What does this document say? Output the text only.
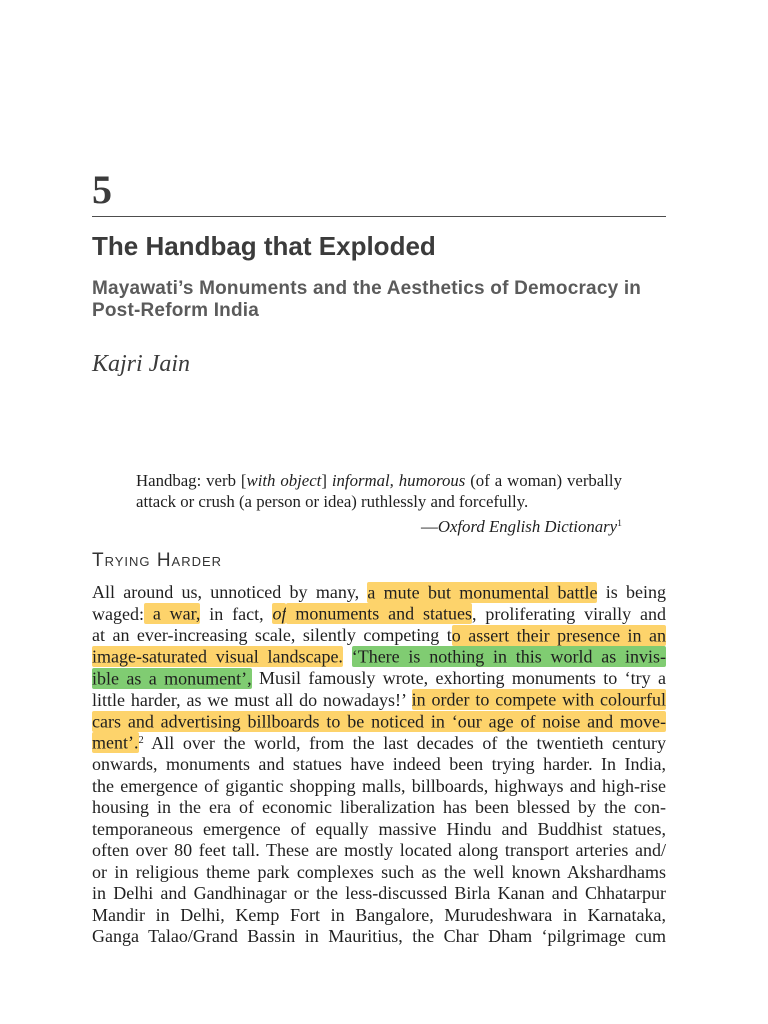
5
The Handbag that Exploded
Mayawati’s Monuments and the Aesthetics of Democracy in
Post-Reform India
Kajri Jain
Handbag: verb [with object] informal, humorous (of a woman) verbally
attack or crush (a person or idea) ruthlessly and forcefully.
—Oxford English Dictionary$^1$
Trying Harder
All around us, unnoticed by many, a mute but monumental battle is being
waged: a war, in fact, of monuments and statues, proliferating virally and
at an ever-increasing scale, silently competing to assert their presence in an
image-saturated visual landscape. ‘There is nothing in this world as invis-
ible as a monument’, Musil famously wrote, exhorting monuments to ‘try a
little harder, as we must all do nowadays!’ in order to compete with colourful
cars and advertising billboards to be noticed in ‘our age of noise and move-
ment’.$^2$ All over the world, from the last decades of the twentieth century
onwards, monuments and statues have indeed been trying harder. In India,
the emergence of gigantic shopping malls, billboards, highways and high-rise
housing in the era of economic liberalization has been blessed by the con-
temporaneous emergence of equally massive Hindu and Buddhist statues,
often over 80 feet tall. These are mostly located along transport arteries and/
or in religious theme park complexes such as the well known Akshardhams
in Delhi and Gandhinagar or the less-discussed Birla Kanan and Chhatarpur
Mandir in Delhi, Kemp Fort in Bangalore, Murudeshwara in Karnataka,
Ganga Talao/Grand Bassin in Mauritius, the Char Dham ‘pilgrimage cum
